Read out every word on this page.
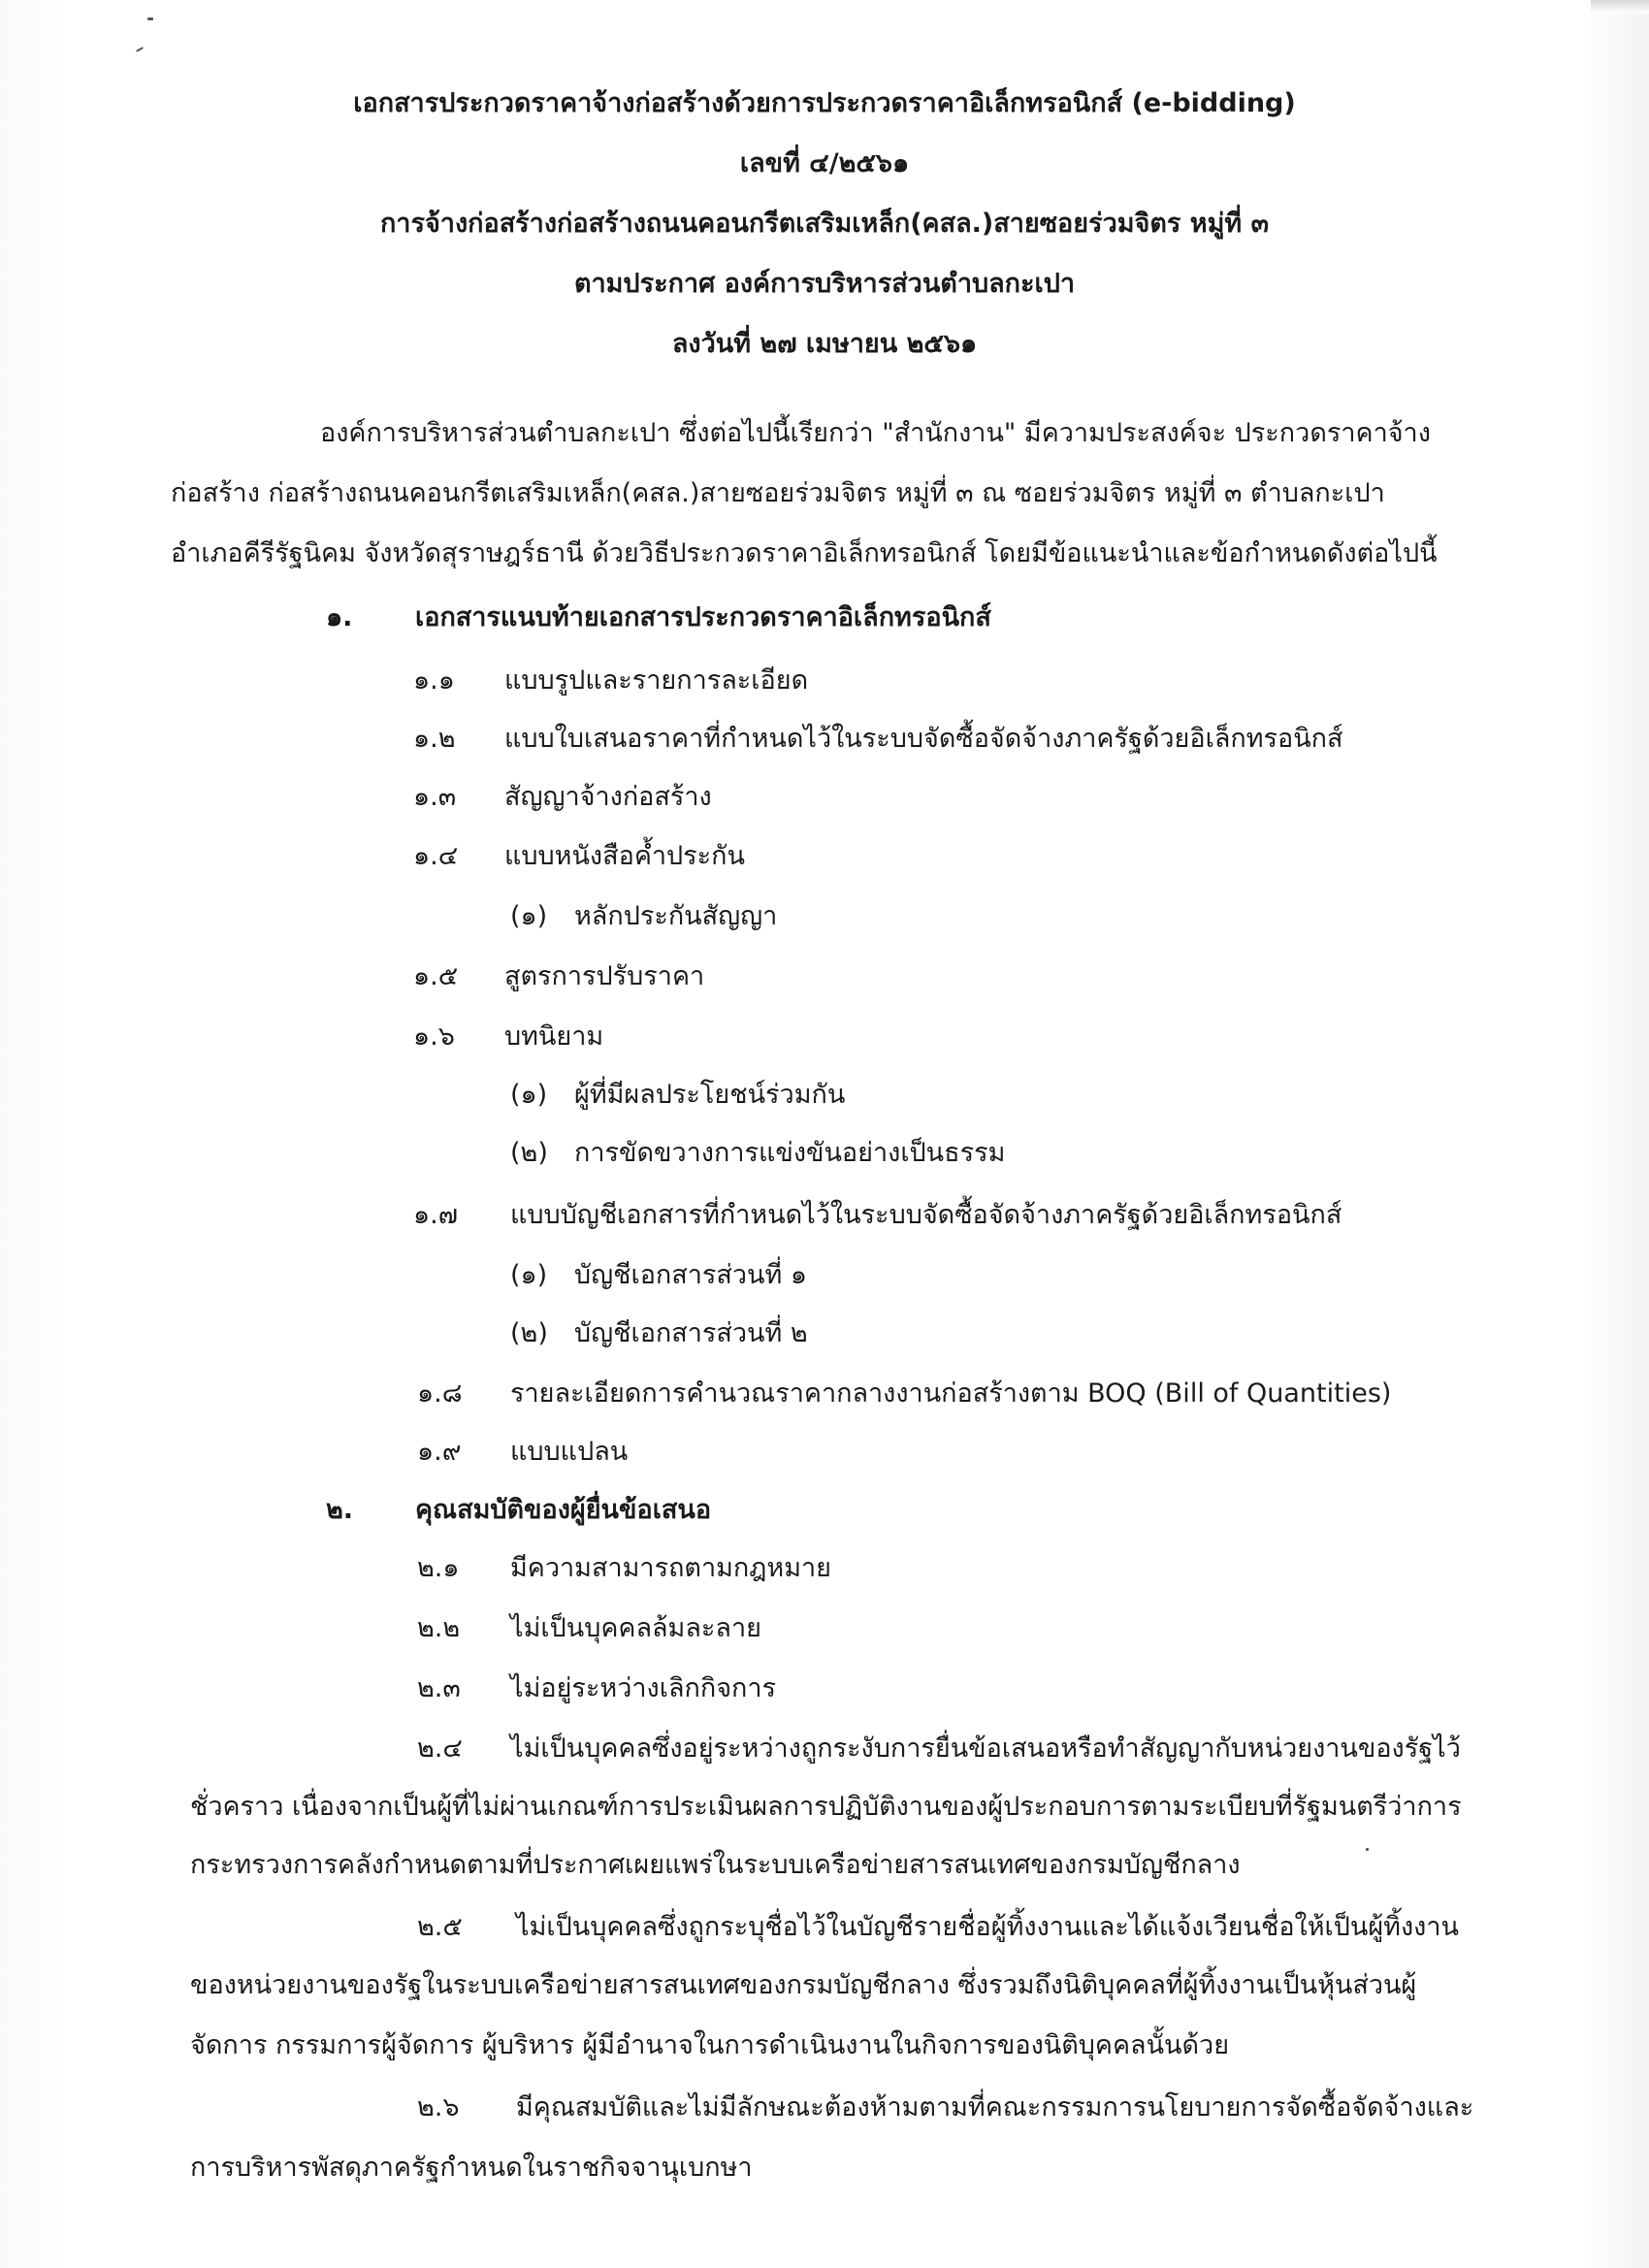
เอกสารประกวดราคาจ้างก่อสร้างด้วยการประกวดราคาอิเล็กทรอนิกส์ (e-bidding)
เลขที่ ๔/๒๕๖๑
การจ้างก่อสร้างก่อสร้างถนนคอนกรีตเสริมเหล็ก(คสล.)สายซอยร่วมจิตร หมู่ที่ ๓
ตามประกาศ องค์การบริหารส่วนตำบลกะเปา
ลงวันที่ ๒๗ เมษายน ๒๕๖๑
องค์การบริหารส่วนตำบลกะเปา ซึ่งต่อไปนี้เรียกว่า "สำนักงาน" มีความประสงค์จะ ประกวดราคาจ้าง
ก่อสร้าง ก่อสร้างถนนคอนกรีตเสริมเหล็ก(คสล.)สายซอยร่วมจิตร หมู่ที่ ๓ ณ ซอยร่วมจิตร หมู่ที่ ๓ ตำบลกะเปา
อำเภอคีรีรัฐนิคม จังหวัดสุราษฎร์ธานี ด้วยวิธีประกวดราคาอิเล็กทรอนิกส์ โดยมีข้อแนะนำและข้อกำหนดดังต่อไปนี้
๑. เอกสารแนบท้ายเอกสารประกวดราคาอิเล็กทรอนิกส์
๑.๑ แบบรูปและรายการละเอียด
๑.๒ แบบใบเสนอราคาที่กำหนดไว้ในระบบจัดซื้อจัดจ้างภาครัฐด้วยอิเล็กทรอนิกส์
๑.๓ สัญญาจ้างก่อสร้าง
๑.๔ แบบหนังสือค้ำประกัน
(๑) หลักประกันสัญญา
๑.๕ สูตรการปรับราคา
๑.๖ บทนิยาม
(๑) ผู้ที่มีผลประโยชน์ร่วมกัน
(๒) การขัดขวางการแข่งขันอย่างเป็นธรรม
๑.๗ แบบบัญชีเอกสารที่กำหนดไว้ในระบบจัดซื้อจัดจ้างภาครัฐด้วยอิเล็กทรอนิกส์
(๑) บัญชีเอกสารส่วนที่ ๑
(๒) บัญชีเอกสารส่วนที่ ๒
๑.๘ รายละเอียดการคำนวณราคากลางงานก่อสร้างตาม BOQ (Bill of Quantities)
๑.๙ แบบแปลน
๒. คุณสมบัติของผู้ยื่นข้อเสนอ
๒.๑ มีความสามารถตามกฎหมาย
๒.๒ ไม่เป็นบุคคลล้มละลาย
๒.๓ ไม่อยู่ระหว่างเลิกกิจการ
๒.๔ ไม่เป็นบุคคลซึ่งอยู่ระหว่างถูกระงับการยื่นข้อเสนอหรือทำสัญญากับหน่วยงานของรัฐไว้
ชั่วคราว เนื่องจากเป็นผู้ที่ไม่ผ่านเกณฑ์การประเมินผลการปฏิบัติงานของผู้ประกอบการตามระเบียบที่รัฐมนตรีว่าการ
กระทรวงการคลังกำหนดตามที่ประกาศเผยแพร่ในระบบเครือข่ายสารสนเทศของกรมบัญชีกลาง
๒.๕ ไม่เป็นบุคคลซึ่งถูกระบุชื่อไว้ในบัญชีรายชื่อผู้ทิ้งงานและได้แจ้งเวียนชื่อให้เป็นผู้ทิ้งงาน
ของหน่วยงานของรัฐในระบบเครือข่ายสารสนเทศของกรมบัญชีกลาง ซึ่งรวมถึงนิติบุคคลที่ผู้ทิ้งงานเป็นหุ้นส่วนผู้
จัดการ กรรมการผู้จัดการ ผู้บริหาร ผู้มีอำนาจในการดำเนินงานในกิจการของนิติบุคคลนั้นด้วย
๒.๖ มีคุณสมบัติและไม่มีลักษณะต้องห้ามตามที่คณะกรรมการนโยบายการจัดซื้อจัดจ้างและ
การบริหารพัสดุภาครัฐกำหนดในราชกิจจานุเบกษา
